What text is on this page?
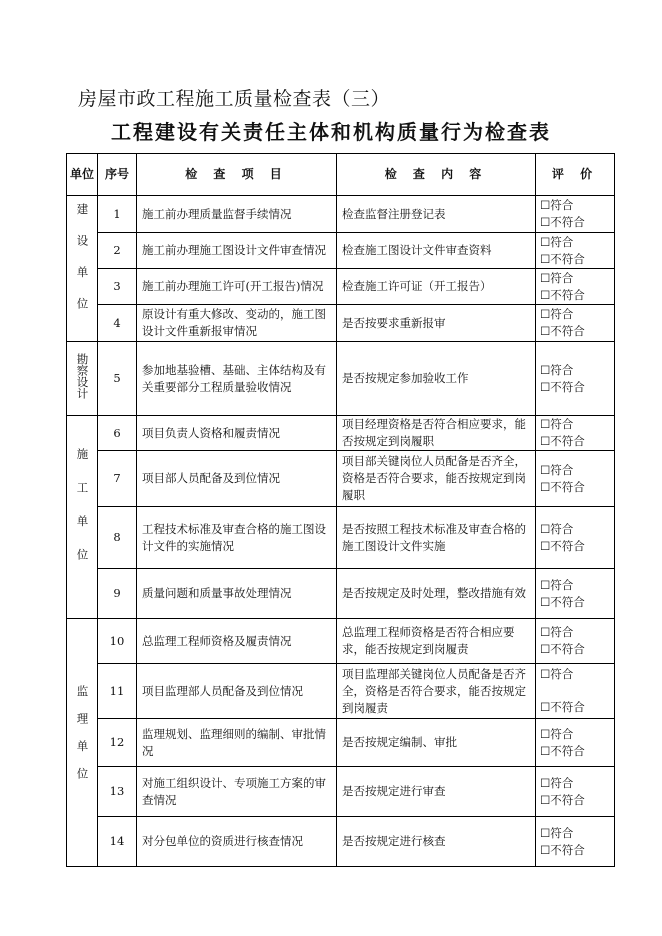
房屋市政工程施工质量检查表（三）
工程建设有关责任主体和机构质量行为检查表
单位	序号	检 查 项 目	检 查 内 容	评 价
建设单位	1	施工前办理质量监督手续情况	检查监督注册登记表	☐符合
☐不符合

	2	施工前办理施工图设计文件审查情况	检查施工图设计文件审查资料	☐符合
☐不符合

	3	施工前办理施工许可(开工报告)情况	检查施工许可证（开工报告）	☐符合
☐不符合

	4	原设计有重大修改、变动的，施工图设计文件重新报审情况	是否按要求重新报审	☐符合
☐不符合

勘察设计	5	参加地基验槽、基础、主体结构及有关重要部分工程质量验收情况	是否按规定参加验收工作	☐符合
☐不符合

施工单位	6	项目负责人资格和履责情况	项目经理资格是否符合相应要求，能否按规定到岗履职	☐符合
☐不符合

	7	项目部人员配备及到位情况	项目部关键岗位人员配备是否齐全，资格是否符合要求，能否按规定到岗履职	☐符合
☐不符合

	8	工程技术标准及审查合格的施工图设计文件的实施情况	是否按照工程技术标准及审查合格的施工图设计文件实施	☐符合
☐不符合

	9	质量问题和质量事故处理情况	是否按规定及时处理，整改措施有效	☐符合
☐不符合

监理单位	10	总监理工程师资格及履责情况	总监理工程师资格是否符合相应要求，能否按规定到岗履责	☐符合
☐不符合

	11	项目监理部人员配备及到位情况	项目监理部关键岗位人员配备是否齐全，资格是否符合要求，能否按规定到岗履责	☐符合
☐不符合

	12	监理规划、监理细则的编制、审批情况	是否按规定编制、审批	☐符合
☐不符合

	13	对施工组织设计、专项施工方案的审查情况	是否按规定进行审查	☐符合
☐不符合

	14	对分包单位的资质进行核查情况	是否按规定进行核查	☐符合
☐不符合
